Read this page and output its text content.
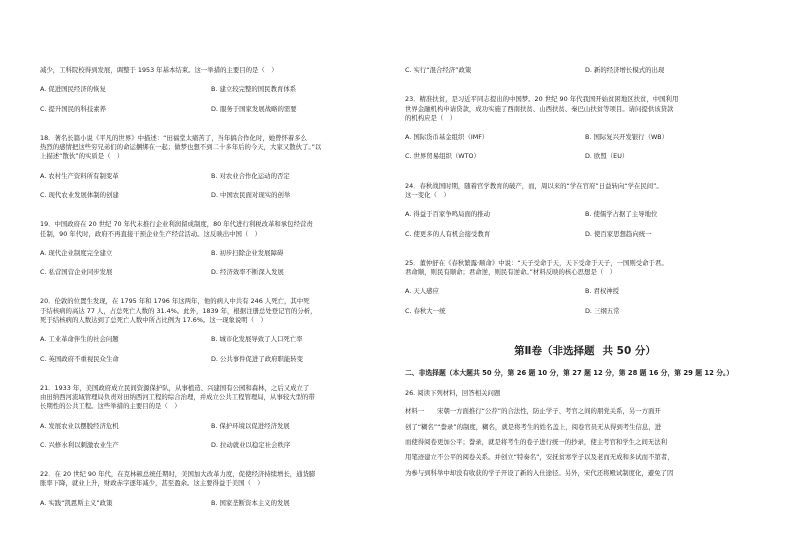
减少，工科院校得到发展，调整于 1953 年基本结束。这一举措的主要目的是（　）

A. 促进国民经济的恢复	B. 建立较完整的国民教育体系
C. 提升国民的科技素养	D. 服务于国家发展战略的需要

18．著名长篇小说《平凡的世界》中描述：“田福堂太痛苦了，当年搞合作化时，她曾怀着多么

热烈的感情把这些穷兄弟们的命运捆绑在一起；做梦也想不到二十多年后的今天，大家又散伙了。”以

上描述“散伙”的实质是（　）

A. 农村生产资料所有制变革	B. 对农业合作化运动的否定
C. 现代农业发展体制的创建	D. 中国农民面对现实的创举

19．中国政府在 20 世纪 70 年代末推行企业利润留成制度，80 年代进行利税改革和承包经营责

任制，90 年代时，政府不再直接干预企业生产经营活动。这反映出中国（　）

A. 现代企业制度完全建立	B. 初步扫除企业发展障碍
C. 私营国营企业同步发展	D. 经济效率不断深入发展

20．伦敦的位置生发现，在 1795 年和 1796 年这两年，他的病人中共有 246 人死亡，其中死

于结核病的高达 77 人，占总死亡人数的 31.4%。此外，1839 年，根据注册总处登记官的分析，

死于结核病的人数达到了总死亡人数中所占比例为 17.6%。这一现象说明（　）

A. 工业革命伴生的社会问题	B. 城市化发展导致了人口死亡率
C. 英国政府不重视民众生命	D. 公共事件促进了政府职能转变

21．1933 年，美国政府成立民间资源保护队，从事植造、兴建国有公园和森林，之后又成立了

由田纳西河流域管理局负责对田纳西河工程的综合治理，并成立公共工程管理局，从事较大型的带

长期性的公共工程。这些举措的主要目的是（　）

A. 发展农业以摆脱经济危机	B. 保护环境以促进经济发展
C. 兴修水利以刺激农业生产	D. 拉动就业以稳定社会秩序

22．在 20 世纪 90 年代，在克林顿总统任期时，美国加大改革力度，促使经济持续增长，通货膨

胀率下降，就业上升，财政赤字逐年减少，甚至盈余。这主要得益于美国（　）

A. 实践“凯恩斯主义”政策	B. 国家垄断资本主义的发展
C. 实行“混合经济”政策	D. 新的经济增长模式的出现

23．精准扶贫，是习近平同志提出的中国梦。20 世纪 90 年代我国开始贫困地区扶贫，中国利用

世界金融机构申请贷款，成功实施了西南扶贫、山西扶贫、秦巴山扶贫等项目。请问提供该贷款

的机构应是（　）

A. 国际货币基金组织（IMF）	B. 国际复兴开发银行（WB）
C. 世界贸易组织（WTO）	D. 欧盟（EU）

24．春秋战国时期，随着官学教育的破产，而，周以来的“学在官府”日益转向“学在民间”。

这一变化（　）

A. 得益于百家争鸣局面的推动	B. 使儒学占据了主导地位
C. 使更多的人有机会接受教育	D. 使百家思想趋向统一

25．董仲舒在《春秋繁露·顺命》中说：“天子受命于天，天下受命于天子，一国则受命于君。

君命顺，则民有顺命；君命逆，则民有逆命。”材料反映的核心思想是（　）

A. 天人感应	B. 君权神授
C. 春秋大一统	D. 三纲五常
第Ⅱ卷（非选择题 共 50 分）
二、非选择题（本大题共 50 分，第 26 题 10 分，第 27 题 12 分，第 28 题 16 分，第 29 题 12 分。）
26. 阅读下列材料，回答相关问题

材料一　　宋朝一方面推行“公荐”的合法性，防止学子、考官之间的朋党关系，另一方面开

创了“糊名”“誊录”的制度，糊名，就是将考生的姓名盖上，阅卷官员无从得到考生信息，进

而使得阅卷更加公平；誊录，就是将考生的卷子进行统一的抄录，使主考官和学生之间无法利

用笔迹建立不公平的阅卷关系。并创立“特奏名”，安抚贫寒学子以及老而无成和多试而不第者，

为参与到科举中却没有收获的学子开设了新的入仕途径。另外，宋代还将殿试制度化，避免了因
